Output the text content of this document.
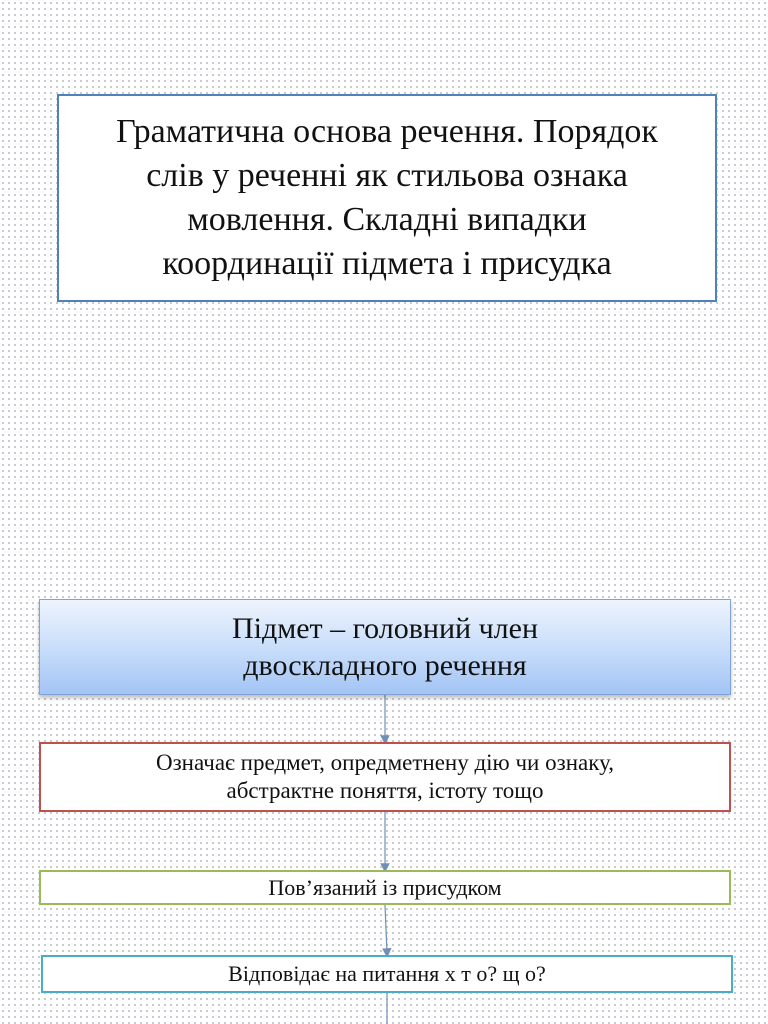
Граматична основа речення. Порядок
слів у реченні як стильова ознака
мовлення. Складні випадки
координації підмета і присудка
Підмет – головний член
двоскладного речення
Означає предмет, опредметнену дію чи ознаку,
абстрактне поняття, істоту тощо
Пов’язаний із присудком
Відповідає на питання х т о? щ о?
